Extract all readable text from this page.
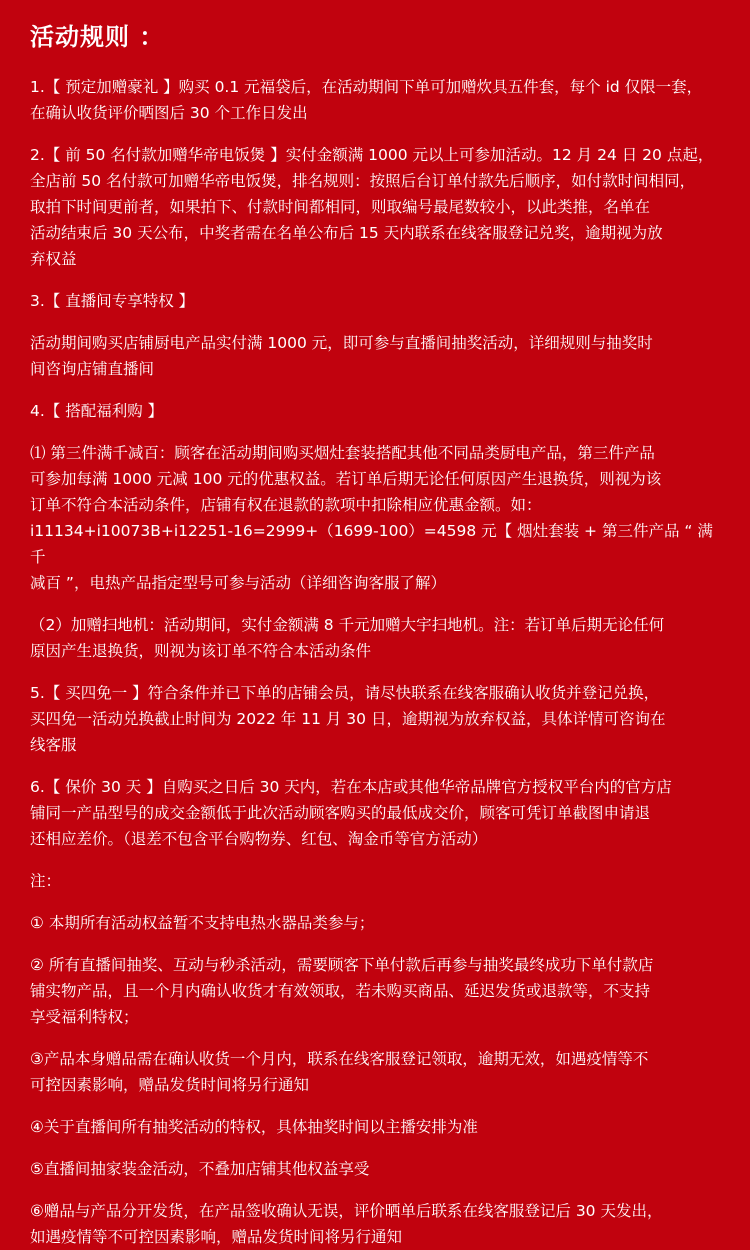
活动规则 ：
1.【 预定加赠豪礼 】购买 0.1 元福袋后，在活动期间下单可加赠炊具五件套，每个 id 仅限一套，
在确认收货评价晒图后 30 个工作日发出
2.【 前 50 名付款加赠华帝电饭煲 】实付金额满 1000 元以上可参加活动。12 月 24 日 20 点起，
全店前 50 名付款可加赠华帝电饭煲，排名规则：按照后台订单付款先后顺序，如付款时间相同，
取拍下时间更前者，如果拍下、付款时间都相同，则取编号最尾数较小，以此类推，名单在
活动结束后 30 天公布，中奖者需在名单公布后 15 天内联系在线客服登记兑奖，逾期视为放
弃权益
3.【 直播间专享特权 】
活动期间购买店铺厨电产品实付满 1000 元，即可参与直播间抽奖活动，详细规则与抽奖时
间咨询店铺直播间
4.【 搭配福利购 】
⑴ 第三件满千减百：顾客在活动期间购买烟灶套装搭配其他不同品类厨电产品，第三件产品
可参加每满 1000 元减 100 元的优惠权益。若订单后期无论任何原因产生退换货，则视为该
订单不符合本活动条件，店铺有权在退款的款项中扣除相应优惠金额。如：
i11134+i10073B+i12251-16=2999+（1699-100）=4598 元【 烟灶套装 + 第三件产品 “ 满千
减百 ”，电热产品指定型号可参与活动（详细咨询客服了解）
（2）加赠扫地机：活动期间，实付金额满 8 千元加赠大宇扫地机。注：若订单后期无论任何
原因产生退换货，则视为该订单不符合本活动条件
5.【 买四免一 】符合条件并已下单的店铺会员，请尽快联系在线客服确认收货并登记兑换，
买四免一活动兑换截止时间为 2022 年 11 月 30 日，逾期视为放弃权益，具体详情可咨询在
线客服
6.【 保价 30 天 】自购买之日后 30 天内，若在本店或其他华帝品牌官方授权平台内的官方店
铺同一产品型号的成交金额低于此次活动顾客购买的最低成交价，顾客可凭订单截图申请退
还相应差价。（退差不包含平台购物券、红包、淘金币等官方活动）
注：
① 本期所有活动权益暂不支持电热水器品类参与；
② 所有直播间抽奖、互动与秒杀活动，需要顾客下单付款后再参与抽奖最终成功下单付款店
铺实物产品，且一个月内确认收货才有效领取，若未购买商品、延迟发货或退款等，不支持
享受福利特权；
③产品本身赠品需在确认收货一个月内，联系在线客服登记领取，逾期无效，如遇疫情等不
可控因素影响，赠品发货时间将另行通知
④关于直播间所有抽奖活动的特权，具体抽奖时间以主播安排为准
⑤直播间抽家装金活动，不叠加店铺其他权益享受
⑥赠品与产品分开发货，在产品签收确认无误，评价晒单后联系在线客服登记后 30 天发出，
如遇疫情等不可控因素影响，赠品发货时间将另行通知
